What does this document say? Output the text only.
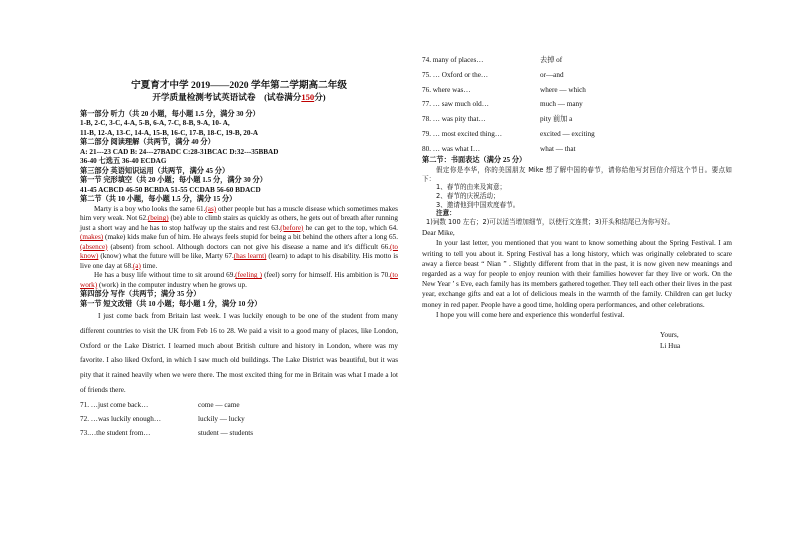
宁夏育才中学 2019——2020 学年第二学期高二年级

开学质量检测考试英语试卷 (试卷满分150分)

第一部分 听力（共 20 小题，每小题 1.5 分，满分 30 分）

1-B, 2-C, 3-C, 4-A, 5-B, 6-A, 7-C, 8-B, 9-A, 10- A,

11-B, 12-A, 13-C, 14-A, 15-B, 16-C, 17-B, 18-C, 19-B, 20-A

第二部分 阅读理解（共两节，满分 40 分）

A: 21---23 CAD B: 24---27BADC C:28-31BCAC D:32---35BBAD

36-40 七选五 36-40 ECDAG

第三部分 英语知识运用（共两节，满分 45 分）

第一节 完形填空（共 20 小题；每小题 1.5 分，满分 30 分）

41-45 ACBCD 46-50 BCBDA 51-55 CCDAB 56-60 BDACD

第二节（共 10 小题，每小题 1.5 分，满分 15 分）

Marty is a boy who looks the same 61.(as) other people but has a muscle disease which sometimes makes him very weak. Not 62.(being) (be) able to climb stairs as quickly as others, he gets out of breath after running just a short way and he has to stop halfway up the stairs and rest 63.(before) he can get to the top, which 64.(makes) (make) kids make fun of him. He always feels stupid for being a bit behind the others after a long 65.(absence) (absent) from school. Although doctors can not give his disease a name and it's difficult 66.(to know) (know) what the future will be like, Marty 67.(has learnt) (learn) to adapt to his disability. His motto is live one day at 68.(a) time.

He has a busy life without time to sit around 69.(feeling ) (feel) sorry for himself. His ambition is 70.(to work) (work) in the computer industry when he grows up.

第四部分 写作（共两节；满分 35 分）

第一节 短文改错（共 10 小题；每小题 1 分，满分 10 分）

I just come back from Britain last week. I was luckily enough to be one of the student from many different countries to visit the UK from Feb 16 to 28. We paid a visit to a good many of places, like London, Oxford or the Lake District. I learned much about British culture and history in London, where was my favorite. I also liked Oxford, in which I saw much old buildings. The Lake District was beautiful, but it was pity that it rained heavily when we were there. The most excited thing for me in Britain was what I made a lot of friends there.

71. …just come back…	come — came
72. …was luckily enough…	luckily — lucky
73.…the student from…	student — students
74. many of places…	去掉 of
75. … Oxford or the…	or—and
76. where was…	where — which
77. … saw much old…	much — many
78. … was pity that…	pity 前加 a
79. … most excited thing…	excited — exciting
80. … was what I…	what — that

第二节：书面表达（满分 25 分）

假定你是李华，你的美国朋友 Mike 想了解中国的春节，请你给他写封回信介绍这个节日。要点如下：

1、春节的由来及寓意；

2、春节的庆祝活动；

3、邀请他到中国欢度春节。

注意：

1)词数 100 左右；2)可以适当增加细节，以使行文连贯；3)开头和结尾已为你写好。

Dear Mike,

In your last letter, you mentioned that you want to know something about the Spring Festival. I am writing to tell you about it. Spring Festival has a long history, which was originally celebrated to scare away a fierce beast “ Nian ” . Slightly different from that in the past, it is now given new meanings and regarded as a way for people to enjoy reunion with their families however far they live or work. On the New Year ’ s Eve, each family has its members gathered together. They tell each other their lives in the past year, exchange gifts and eat a lot of delicious meals in the warmth of the family. Children can get lucky money in red paper. People have a good time, holding opera performances, and other celebrations.

I hope you will come here and experience this wonderful festival.

Yours,

Li Hua
